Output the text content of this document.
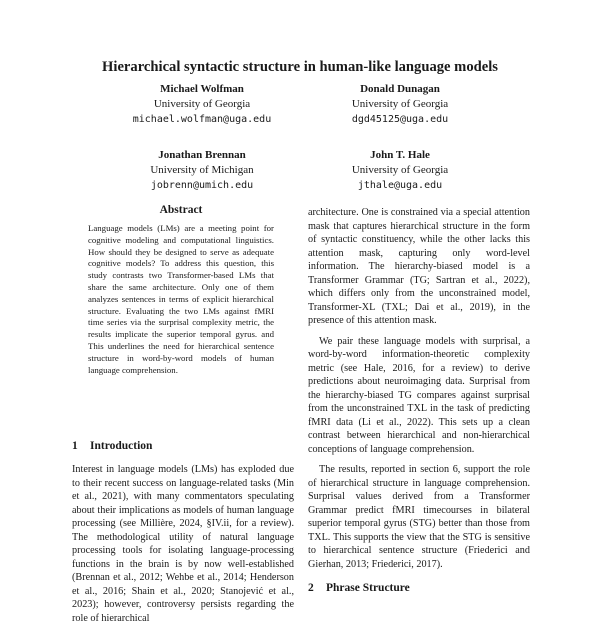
Hierarchical syntactic structure in human-like language models
Michael Wolfman
University of Georgia
michael.wolfman@uga.edu
Donald Dunagan
University of Georgia
dgd45125@uga.edu
Jonathan Brennan
University of Michigan
jobrenn@umich.edu
John T. Hale
University of Georgia
jthale@uga.edu
Abstract
Language models (LMs) are a meeting point for cognitive modeling and computational linguistics. How should they be designed to serve as adequate cognitive models? To address this question, this study contrasts two Transformer-based LMs that share the same architecture. Only one of them analyzes sentences in terms of explicit hierarchical structure. Evaluating the two LMs against fMRI time series via the surprisal complexity metric, the results implicate the superior temporal gyrus. and This underlines the need for hierarchical sentence structure in word-by-word models of human language comprehension.
1 Introduction
Interest in language models (LMs) has exploded due to their recent success on language-related tasks (Min et al., 2021), with many commentators speculating about their implications as models of human language processing (see Millière, 2024, §IV.ii, for a review). The methodological utility of natural language processing tools for isolating language-processing functions in the brain is by now well-established (Brennan et al., 2012; Wehbe et al., 2014; Henderson et al., 2016; Shain et al., 2020; Stanojević et al., 2023); however, controversy persists regarding the role of hierarchical

architecture. One is constrained via a special attention mask that captures hierarchical structure in the form of syntactic constituency, while the other lacks this attention mask, capturing only word-level information. The hierarchy-biased model is a Transformer Grammar (TG; Sartran et al., 2022), which differs only from the unconstrained model, Transformer-XL (TXL; Dai et al., 2019), in the presence of this attention mask.

We pair these language models with surprisal, a word-by-word information-theoretic complexity metric (see Hale, 2016, for a review) to derive predictions about neuroimaging data. Surprisal from the hierarchy-biased TG compares against surprisal from the unconstrained TXL in the task of predicting fMRI data (Li et al., 2022). This sets up a clean contrast between hierarchical and non-hierarchical conceptions of language comprehension.

The results, reported in section 6, support the role of hierarchical structure in language comprehension. Surprisal values derived from a Transformer Grammar predict fMRI timecourses in bilateral superior temporal gyrus (STG) better than those from TXL. This supports the view that the STG is sensitive to hierarchical sentence structure (Friederici and Gierhan, 2013; Friederici, 2017).

2 Phrase Structure
